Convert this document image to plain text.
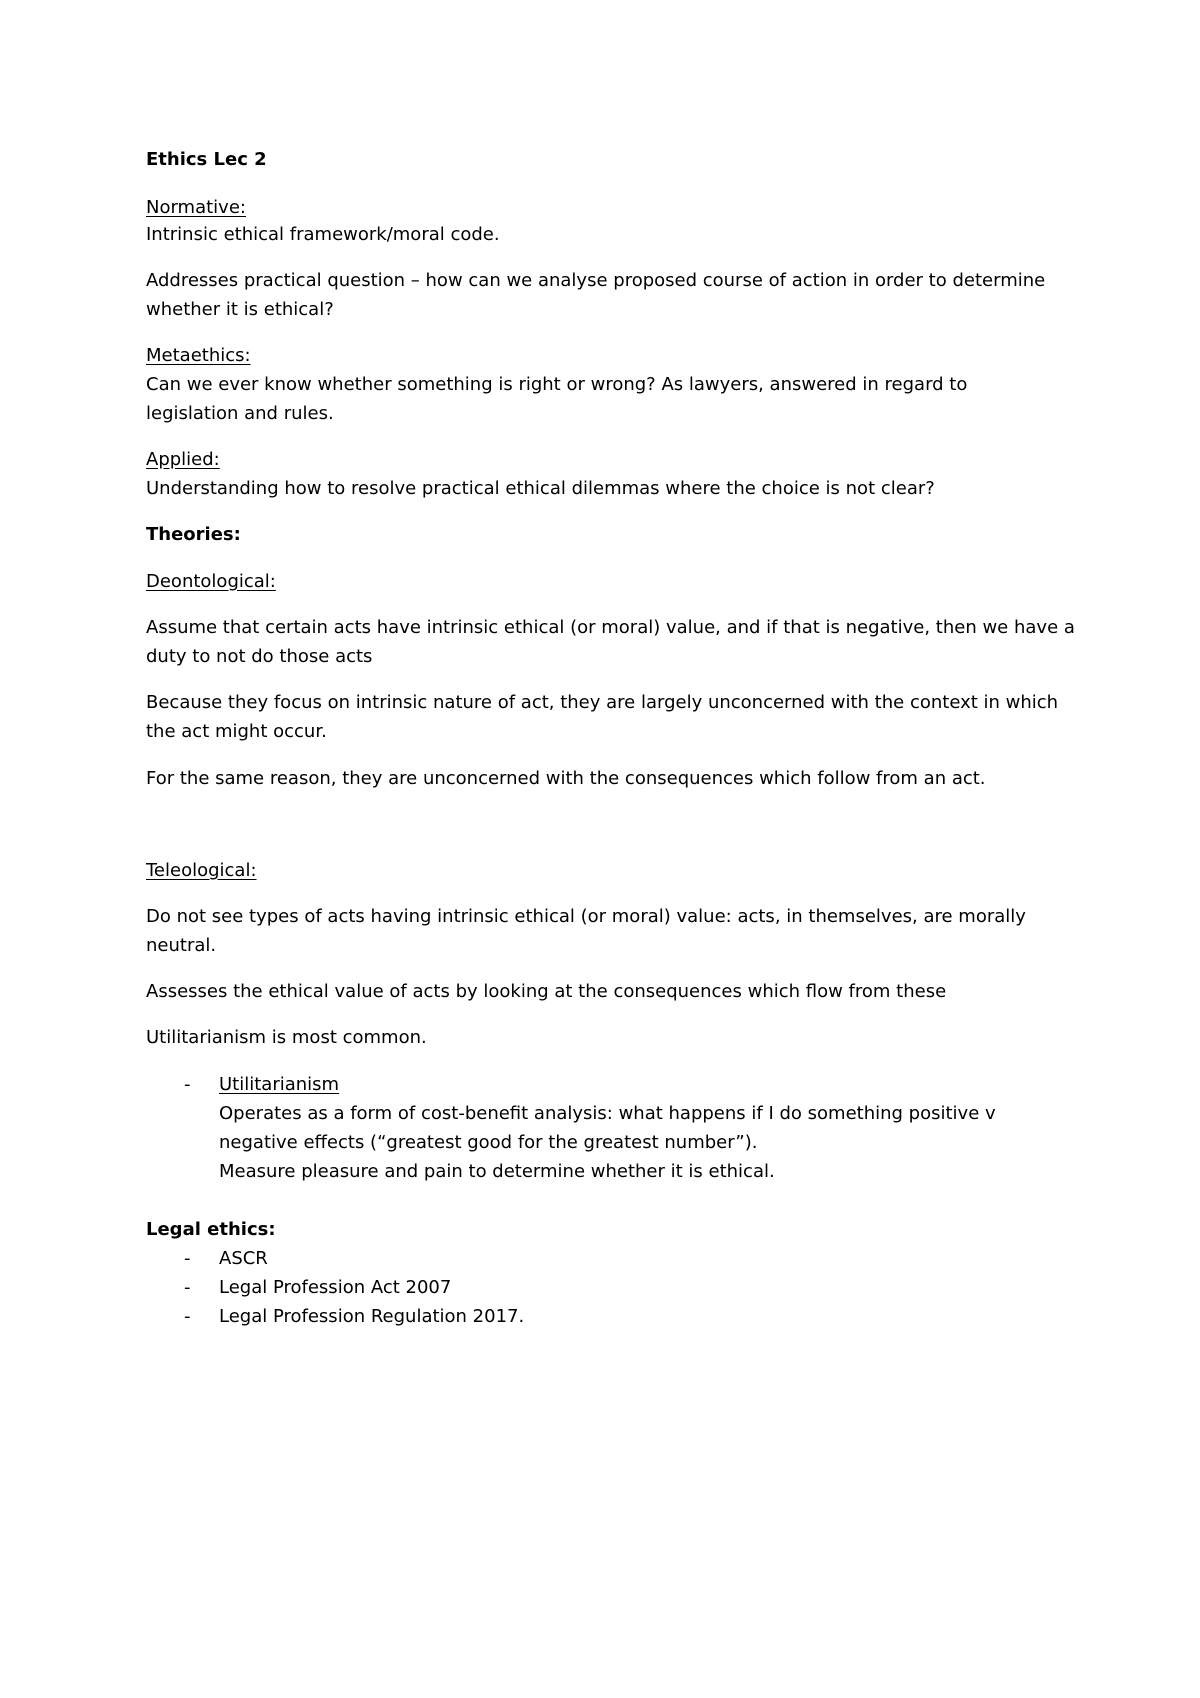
Ethics Lec 2

Normative:

Intrinsic ethical framework/moral code.

Addresses practical question – how can we analyse proposed course of action in order to determine

whether it is ethical?

Metaethics:

Can we ever know whether something is right or wrong? As lawyers, answered in regard to

legislation and rules.

Applied:

Understanding how to resolve practical ethical dilemmas where the choice is not clear?

Theories:

Deontological:

Assume that certain acts have intrinsic ethical (or moral) value, and if that is negative, then we have a

duty to not do those acts

Because they focus on intrinsic nature of act, they are largely unconcerned with the context in which

the act might occur.

For the same reason, they are unconcerned with the consequences which follow from an act.

Teleological:

Do not see types of acts having intrinsic ethical (or moral) value: acts, in themselves, are morally

neutral.

Assesses the ethical value of acts by looking at the consequences which flow from these

Utilitarianism is most common.

- Utilitarianism

Operates as a form of cost-benefit analysis: what happens if I do something positive v

negative effects (“greatest good for the greatest number”).

Measure pleasure and pain to determine whether it is ethical.

Legal ethics:

- ASCR

- Legal Profession Act 2007

- Legal Profession Regulation 2017.
